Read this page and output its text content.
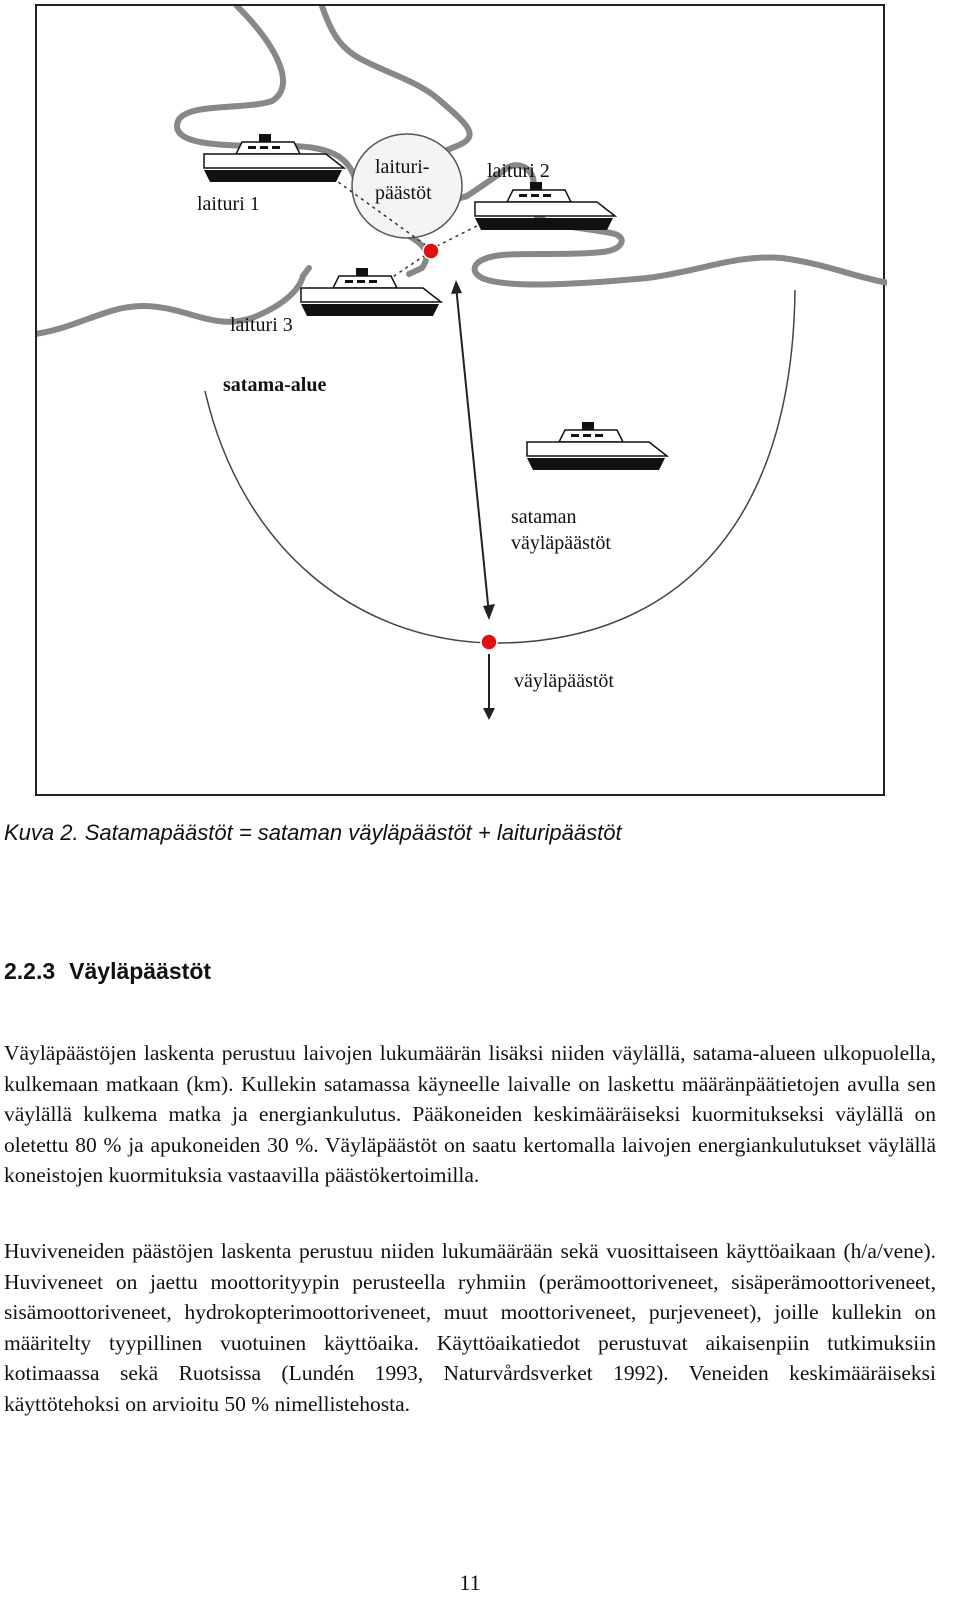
laituri 1
laituri-
päästöt
laituri 2
laituri 3
satama-alue
sataman
väyläpäästöt
väyläpäästöt
Kuva 2. Satamapäästöt = sataman väyläpäästöt + laituripäästöt
2.2.3 Väyläpäästöt

Väyläpäästöjen laskenta perustuu laivojen lukumäärän lisäksi niiden väylällä, satama-alueen ulkopuolella, kulkemaan matkaan (km). Kullekin satamassa käyneelle laivalle on laskettu määränpäätietojen avulla sen väylällä kulkema matka ja energiankulutus. Pääkoneiden keskimääräiseksi kuormitukseksi väylällä on oletettu 80 % ja apukoneiden 30 %. Väyläpäästöt on saatu kertomalla laivojen energiankulutukset väylällä koneistojen kuormituksia vastaavilla päästökertoimilla.

Huviveneiden päästöjen laskenta perustuu niiden lukumäärään sekä vuosittaiseen käyttöaikaan (h/a/vene). Huviveneet on jaettu moottorityypin perusteella ryhmiin (perämoottoriveneet, sisäperämoottoriveneet, sisämoottoriveneet, hydrokopterimoottoriveneet, muut moottoriveneet, purjeveneet), joille kullekin on määritelty tyypillinen vuotuinen käyttöaika. Käyttöaikatiedot perustuvat aikaisenpiin tutkimuksiin kotimaassa sekä Ruotsissa (Lundén 1993, Naturvårdsverket 1992). Veneiden keskimääräiseksi käyttötehoksi on arvioitu 50 % nimellistehosta.

11
